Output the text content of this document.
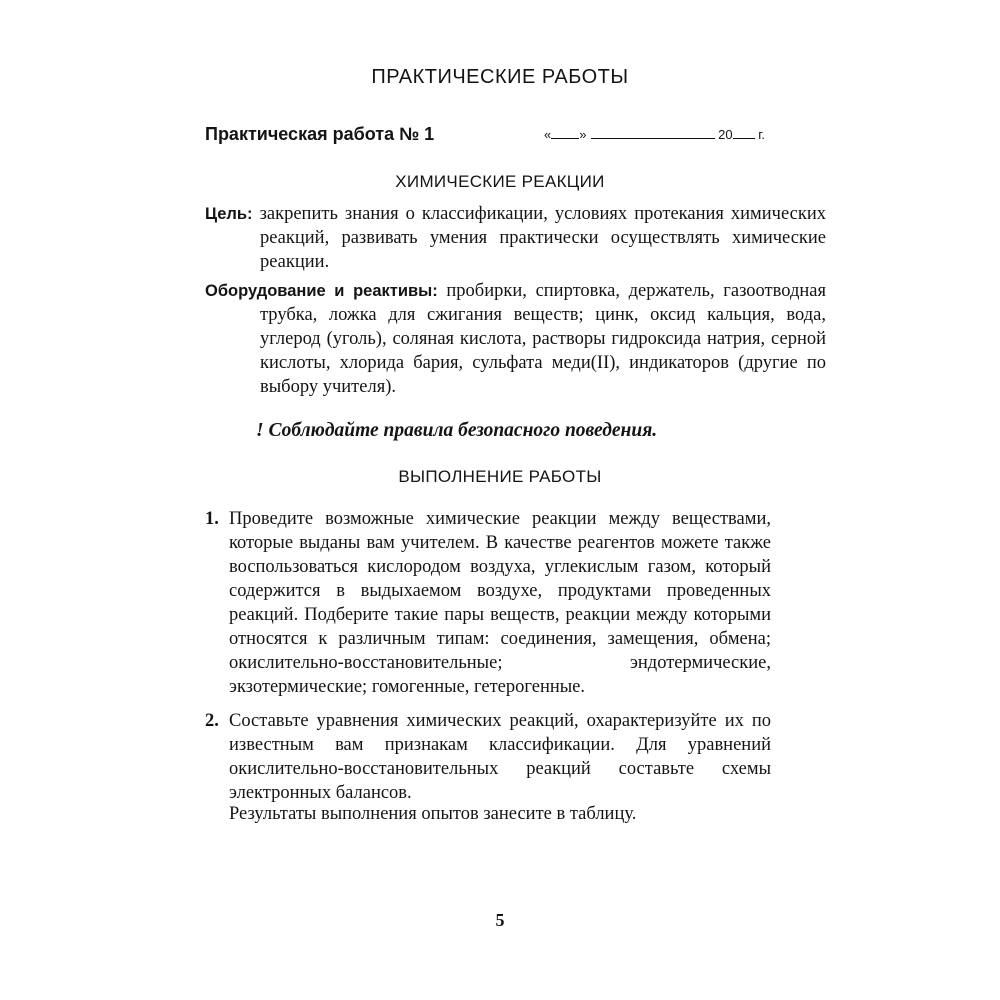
ПРАКТИЧЕСКИЕ РАБОТЫ
Практическая работа № 1	« »	20 г.
ХИМИЧЕСКИЕ РЕАКЦИИ
Цель: закрепить знания о классификации, условиях протекания химических реакций, развивать умения практически осуществлять химические реакции.
Оборудование и реактивы: пробирки, спиртовка, держатель, газоотводная трубка, ложка для сжигания веществ; цинк, оксид кальция, вода, углерод (уголь), соляная кислота, растворы гидроксида натрия, серной кислоты, хлорида бария, сульфата меди(II), индикаторов (другие по выбору учителя).
! Соблюдайте правила безопасного поведения.
ВЫПОЛНЕНИЕ РАБОТЫ
1. Проведите возможные химические реакции между веществами, которые выданы вам учителем. В качестве реагентов можете также воспользоваться кислородом воздуха, углекислым газом, который содержится в выдыхаемом воздухе, продуктами проведенных реакций. Подберите такие пары веществ, реакции между которыми относятся к различным типам: соединения, замещения, обмена; окислительно-восстановительные; эндотермические, экзотермические; гомогенные, гетерогенные.
2. Составьте уравнения химических реакций, охарактеризуйте их по известным вам признакам классификации. Для уравнений окислительно-восстановительных реакций составьте схемы электронных балансов.
Результаты выполнения опытов занесите в таблицу.
5
